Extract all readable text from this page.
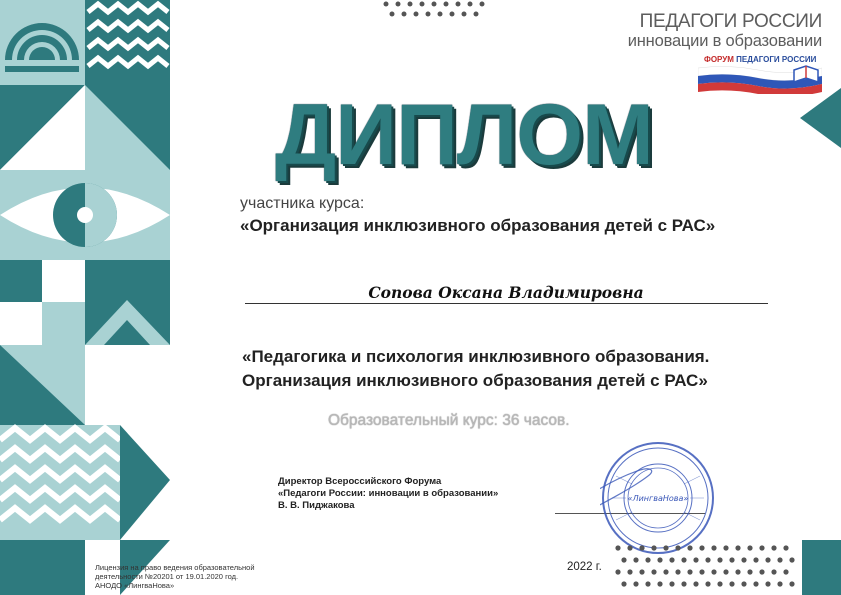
ПЕДАГОГИ РОССИИ
инновации в образовании
ФОРУМ ПЕДАГОГИ РОССИИ
ДИПЛОМ
участника курса:
«Организация инклюзивного образования детей с РАС»
Сопова Оксана Владимировна
«Педагогика и психология инклюзивного образования.
Организация инклюзивного образования детей с РАС»
Образовательный курс: 36 часов.
Директор Всероссийского Форума
«Педагоги России: инновации в образовании»
В. В. Пиджакова
«ЛингваНова»
Лицензия на право ведения образовательной
деятельности №20201 от 19.01.2020 год.
АНОДО «ЛингваНова»
2022 г.
